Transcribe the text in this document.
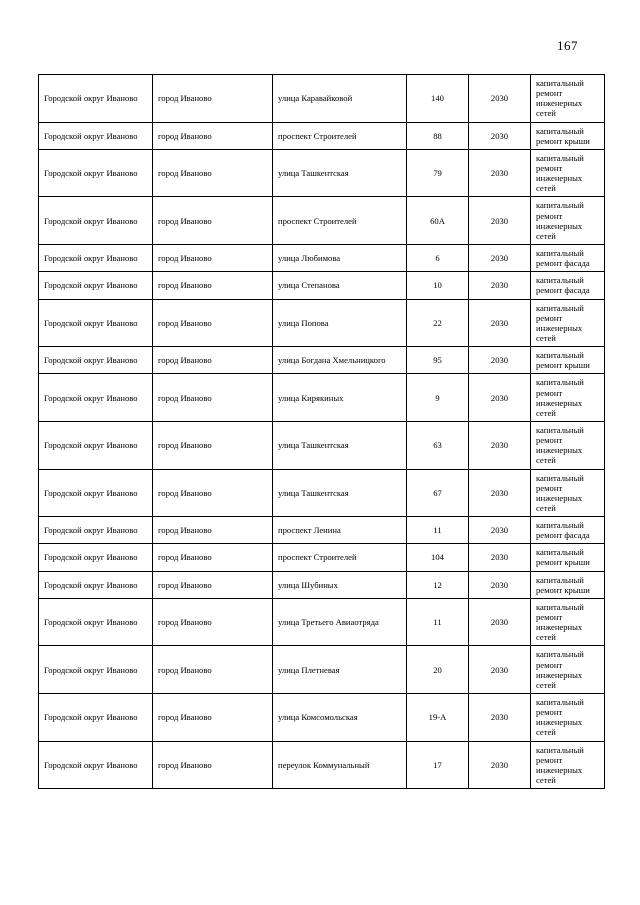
167
Городской округ Иваново	город Иваново	улица Каравайковой	140	2030	капитальный ремонт инженерных сетей
Городской округ Иваново	город Иваново	проспект Строителей	88	2030	капитальный ремонт крыши
Городской округ Иваново	город Иваново	улица Ташкентская	79	2030	капитальный ремонт инженерных сетей
Городской округ Иваново	город Иваново	проспект Строителей	60А	2030	капитальный ремонт инженерных сетей
Городской округ Иваново	город Иваново	улица Любимова	6	2030	капитальный ремонт фасада
Городской округ Иваново	город Иваново	улица Степанова	10	2030	капитальный ремонт фасада
Городской округ Иваново	город Иваново	улица Попова	22	2030	капитальный ремонт инженерных сетей
Городской округ Иваново	город Иваново	улица Богдана Хмельницкого	95	2030	капитальный ремонт крыши
Городской округ Иваново	город Иваново	улица Кирякиных	9	2030	капитальный ремонт инженерных сетей
Городской округ Иваново	город Иваново	улица Ташкентская	63	2030	капитальный ремонт инженерных сетей
Городской округ Иваново	город Иваново	улица Ташкентская	67	2030	капитальный ремонт инженерных сетей
Городской округ Иваново	город Иваново	проспект Ленина	11	2030	капитальный ремонт фасада
Городской округ Иваново	город Иваново	проспект Строителей	104	2030	капитальный ремонт крыши
Городской округ Иваново	город Иваново	улица Шубиных	12	2030	капитальный ремонт крыши
Городской округ Иваново	город Иваново	улица Третьего Авиаотряда	11	2030	капитальный ремонт инженерных сетей
Городской округ Иваново	город Иваново	улица Плетневая	20	2030	капитальный ремонт инженерных сетей
Городской округ Иваново	город Иваново	улица Комсомольская	19-А	2030	капитальный ремонт инженерных сетей
Городской округ Иваново	город Иваново	переулок Коммунальный	17	2030	капитальный ремонт инженерных сетей
